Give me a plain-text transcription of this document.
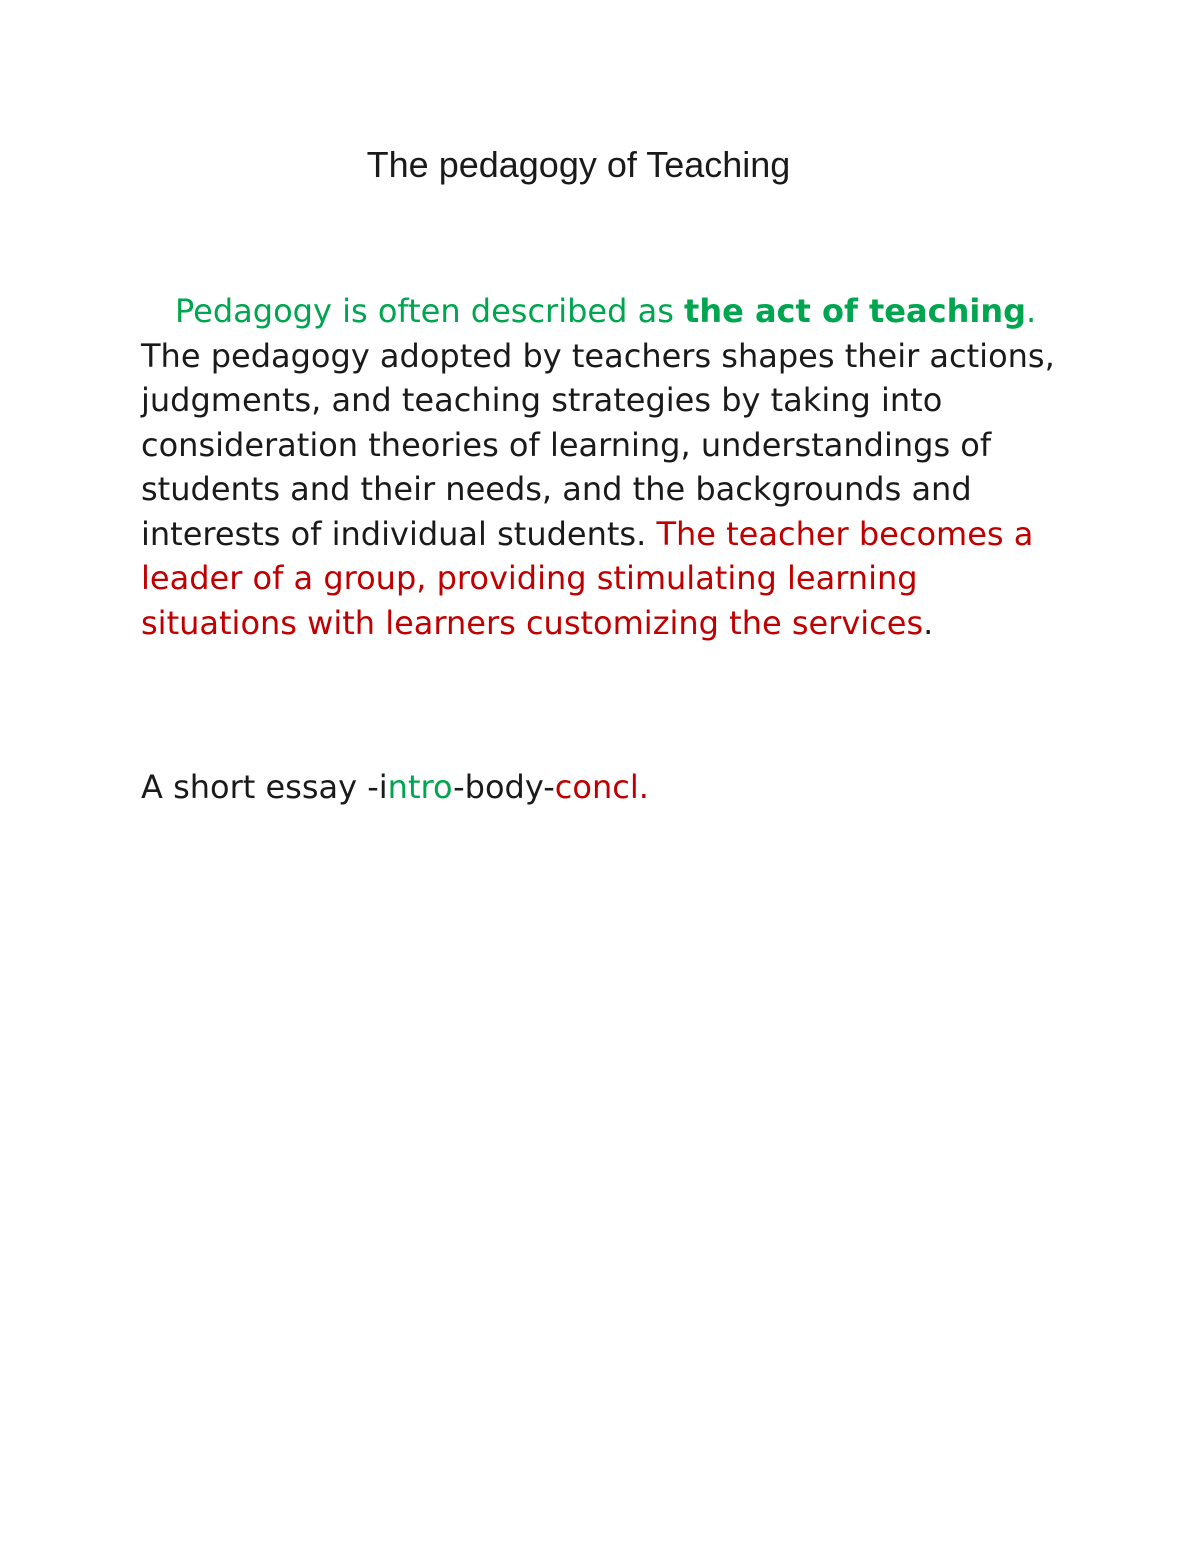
The pedagogy of Teaching

Pedagogy is often described as the act of teaching. The pedagogy adopted by teachers shapes their actions, judgments, and teaching strategies by taking into consideration theories of learning, understandings of students and their needs, and the backgrounds and interests of individual students. The teacher becomes a leader of a group, providing stimulating learning situations with learners customizing the services.

A short essay -intro-body-concl.
